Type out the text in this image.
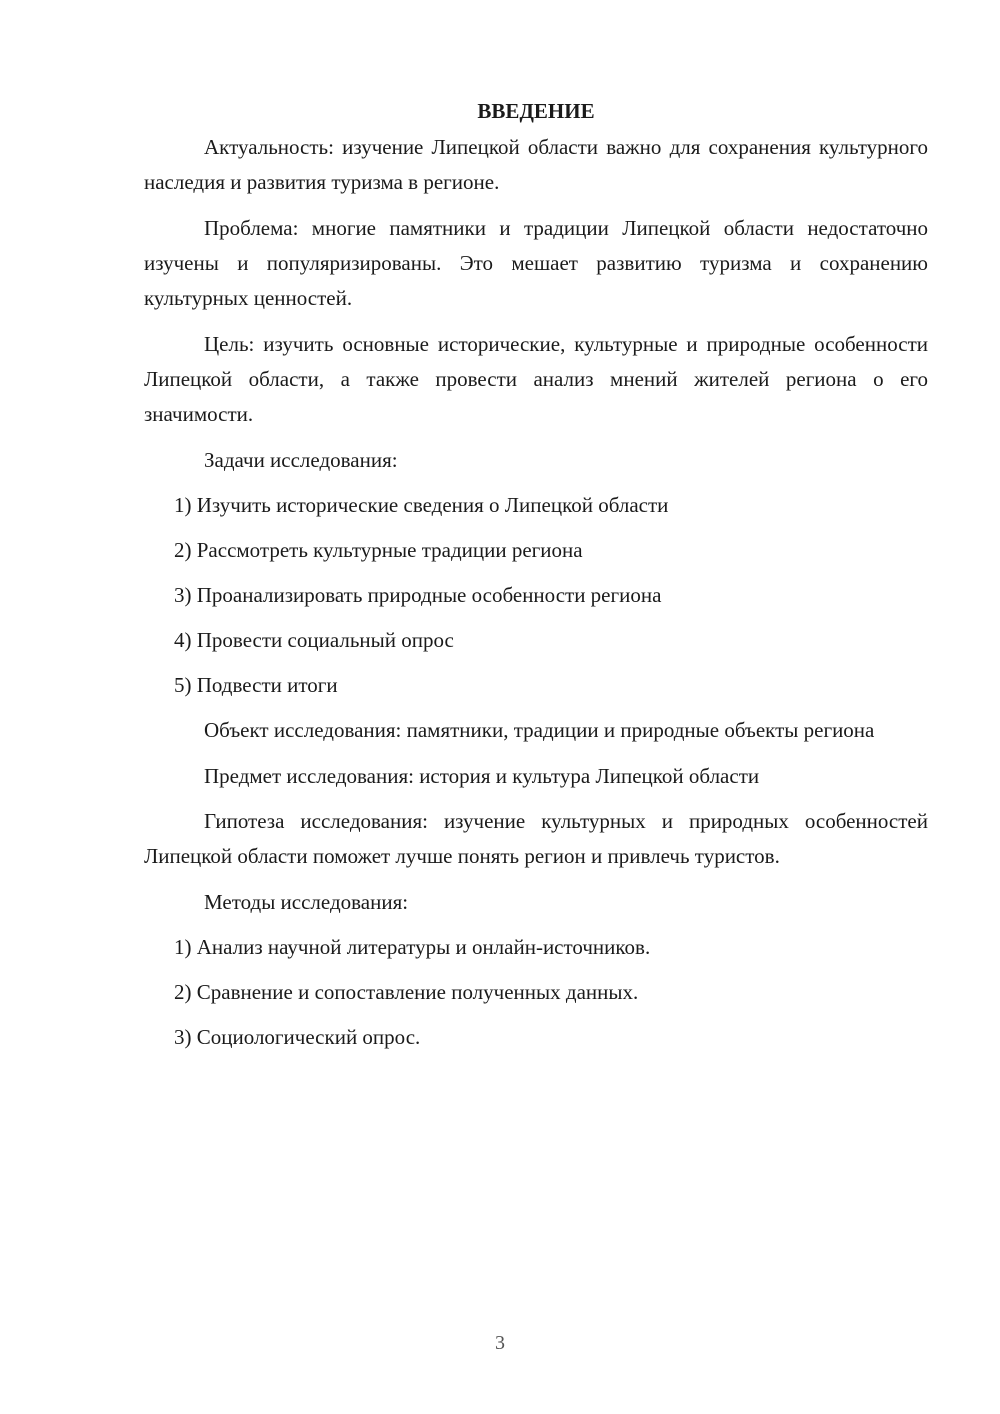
ВВЕДЕНИЕ

Актуальность: изучение Липецкой области важно для сохранения культурного наследия и развития туризма в регионе.

Проблема: многие памятники и традиции Липецкой области недостаточно изучены и популяризированы. Это мешает развитию туризма и сохранению культурных ценностей.

Цель: изучить основные исторические, культурные и природные особенности Липецкой области, а также провести анализ мнений жителей региона о его значимости.

Задачи исследования:

1) Изучить исторические сведения о Липецкой области
2) Рассмотреть культурные традиции региона
3) Проанализировать природные особенности региона
4) Провести социальный опрос
5) Подвести итоги

Объект исследования: памятники, традиции и природные объекты региона

Предмет исследования: история и культура Липецкой области

Гипотеза исследования: изучение культурных и природных особенностей Липецкой области поможет лучше понять регион и привлечь туристов.

Методы исследования:

1) Анализ научной литературы и онлайн-источников.
2) Сравнение и сопоставление полученных данных.
3) Социологический опрос.
3
